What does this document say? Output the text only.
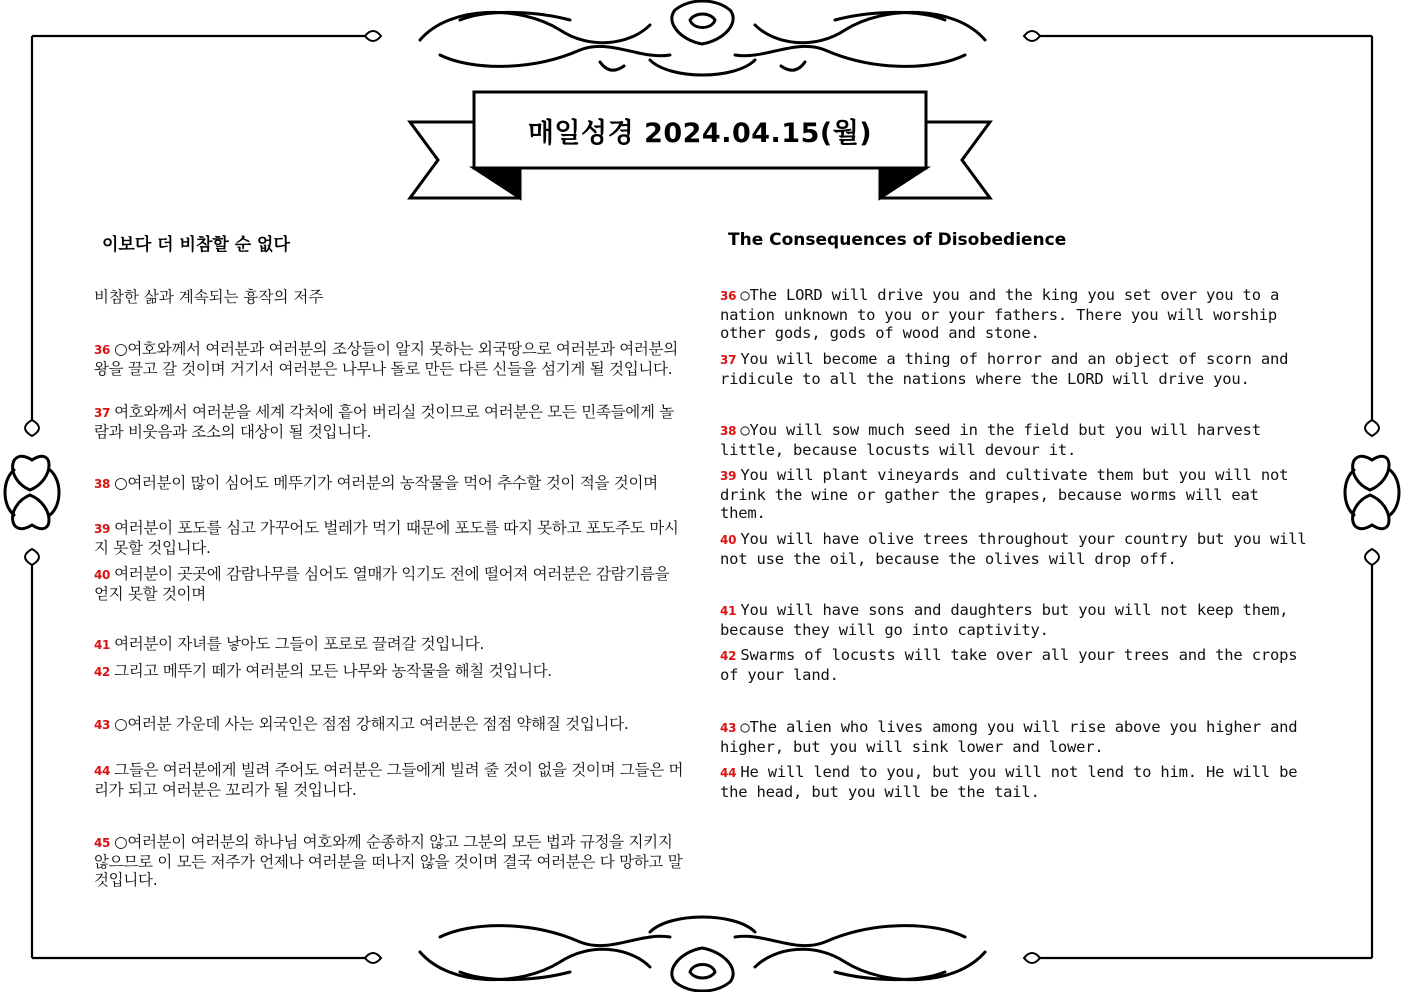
매일성경 2024.04.15(월)
이보다 더 비참할 순 없다
비참한 삶과 계속되는 흉작의 저주
36 ○여호와께서 여러분과 여러분의 조상들이 알지 못하는 외국땅으로 여러분과 여러분의 왕을 끌고 갈 것이며 거기서 여러분은 나무나 돌로 만든 다른 신들을 섬기게 될 것입니다.
37 여호와께서 여러분을 세계 각처에 흩어 버리실 것이므로 여러분은 모든 민족들에게 놀람과 비웃음과 조소의 대상이 될 것입니다.
38 ○여러분이 많이 심어도 메뚜기가 여러분의 농작물을 먹어 추수할 것이 적을 것이며
39 여러분이 포도를 심고 가꾸어도 벌레가 먹기 때문에 포도를 따지 못하고 포도주도 마시지 못할 것입니다.
40 여러분이 곳곳에 감람나무를 심어도 열매가 익기도 전에 떨어져 여러분은 감람기름을 얻지 못할 것이며
41 여러분이 자녀를 낳아도 그들이 포로로 끌려갈 것입니다.
42 그리고 메뚜기 떼가 여러분의 모든 나무와 농작물을 해칠 것입니다.
43 ○여러분 가운데 사는 외국인은 점점 강해지고 여러분은 점점 약해질 것입니다.
44 그들은 여러분에게 빌려 주어도 여러분은 그들에게 빌려 줄 것이 없을 것이며 그들은 머리가 되고 여러분은 꼬리가 될 것입니다.
45 ○여러분이 여러분의 하나님 여호와께 순종하지 않고 그분의 모든 법과 규정을 지키지 않으므로 이 모든 저주가 언제나 여러분을 떠나지 않을 것이며 결국 여러분은 다 망하고 말 것입니다.
The Consequences of Disobedience
36 ○The LORD will drive you and the king you set over you to a nation unknown to you or your fathers. There you will worship other gods, gods of wood and stone.
37 You will become a thing of horror and an object of scorn and ridicule to all the nations where the LORD will drive you.
38 ○You will sow much seed in the field but you will harvest little, because locusts will devour it.
39 You will plant vineyards and cultivate them but you will not drink the wine or gather the grapes, because worms will eat them.
40 You will have olive trees throughout your country but you will not use the oil, because the olives will drop off.
41 You will have sons and daughters but you will not keep them, because they will go into captivity.
42 Swarms of locusts will take over all your trees and the crops of your land.
43 ○The alien who lives among you will rise above you higher and higher, but you will sink lower and lower.
44 He will lend to you, but you will not lend to him. He will be the head, but you will be the tail.
